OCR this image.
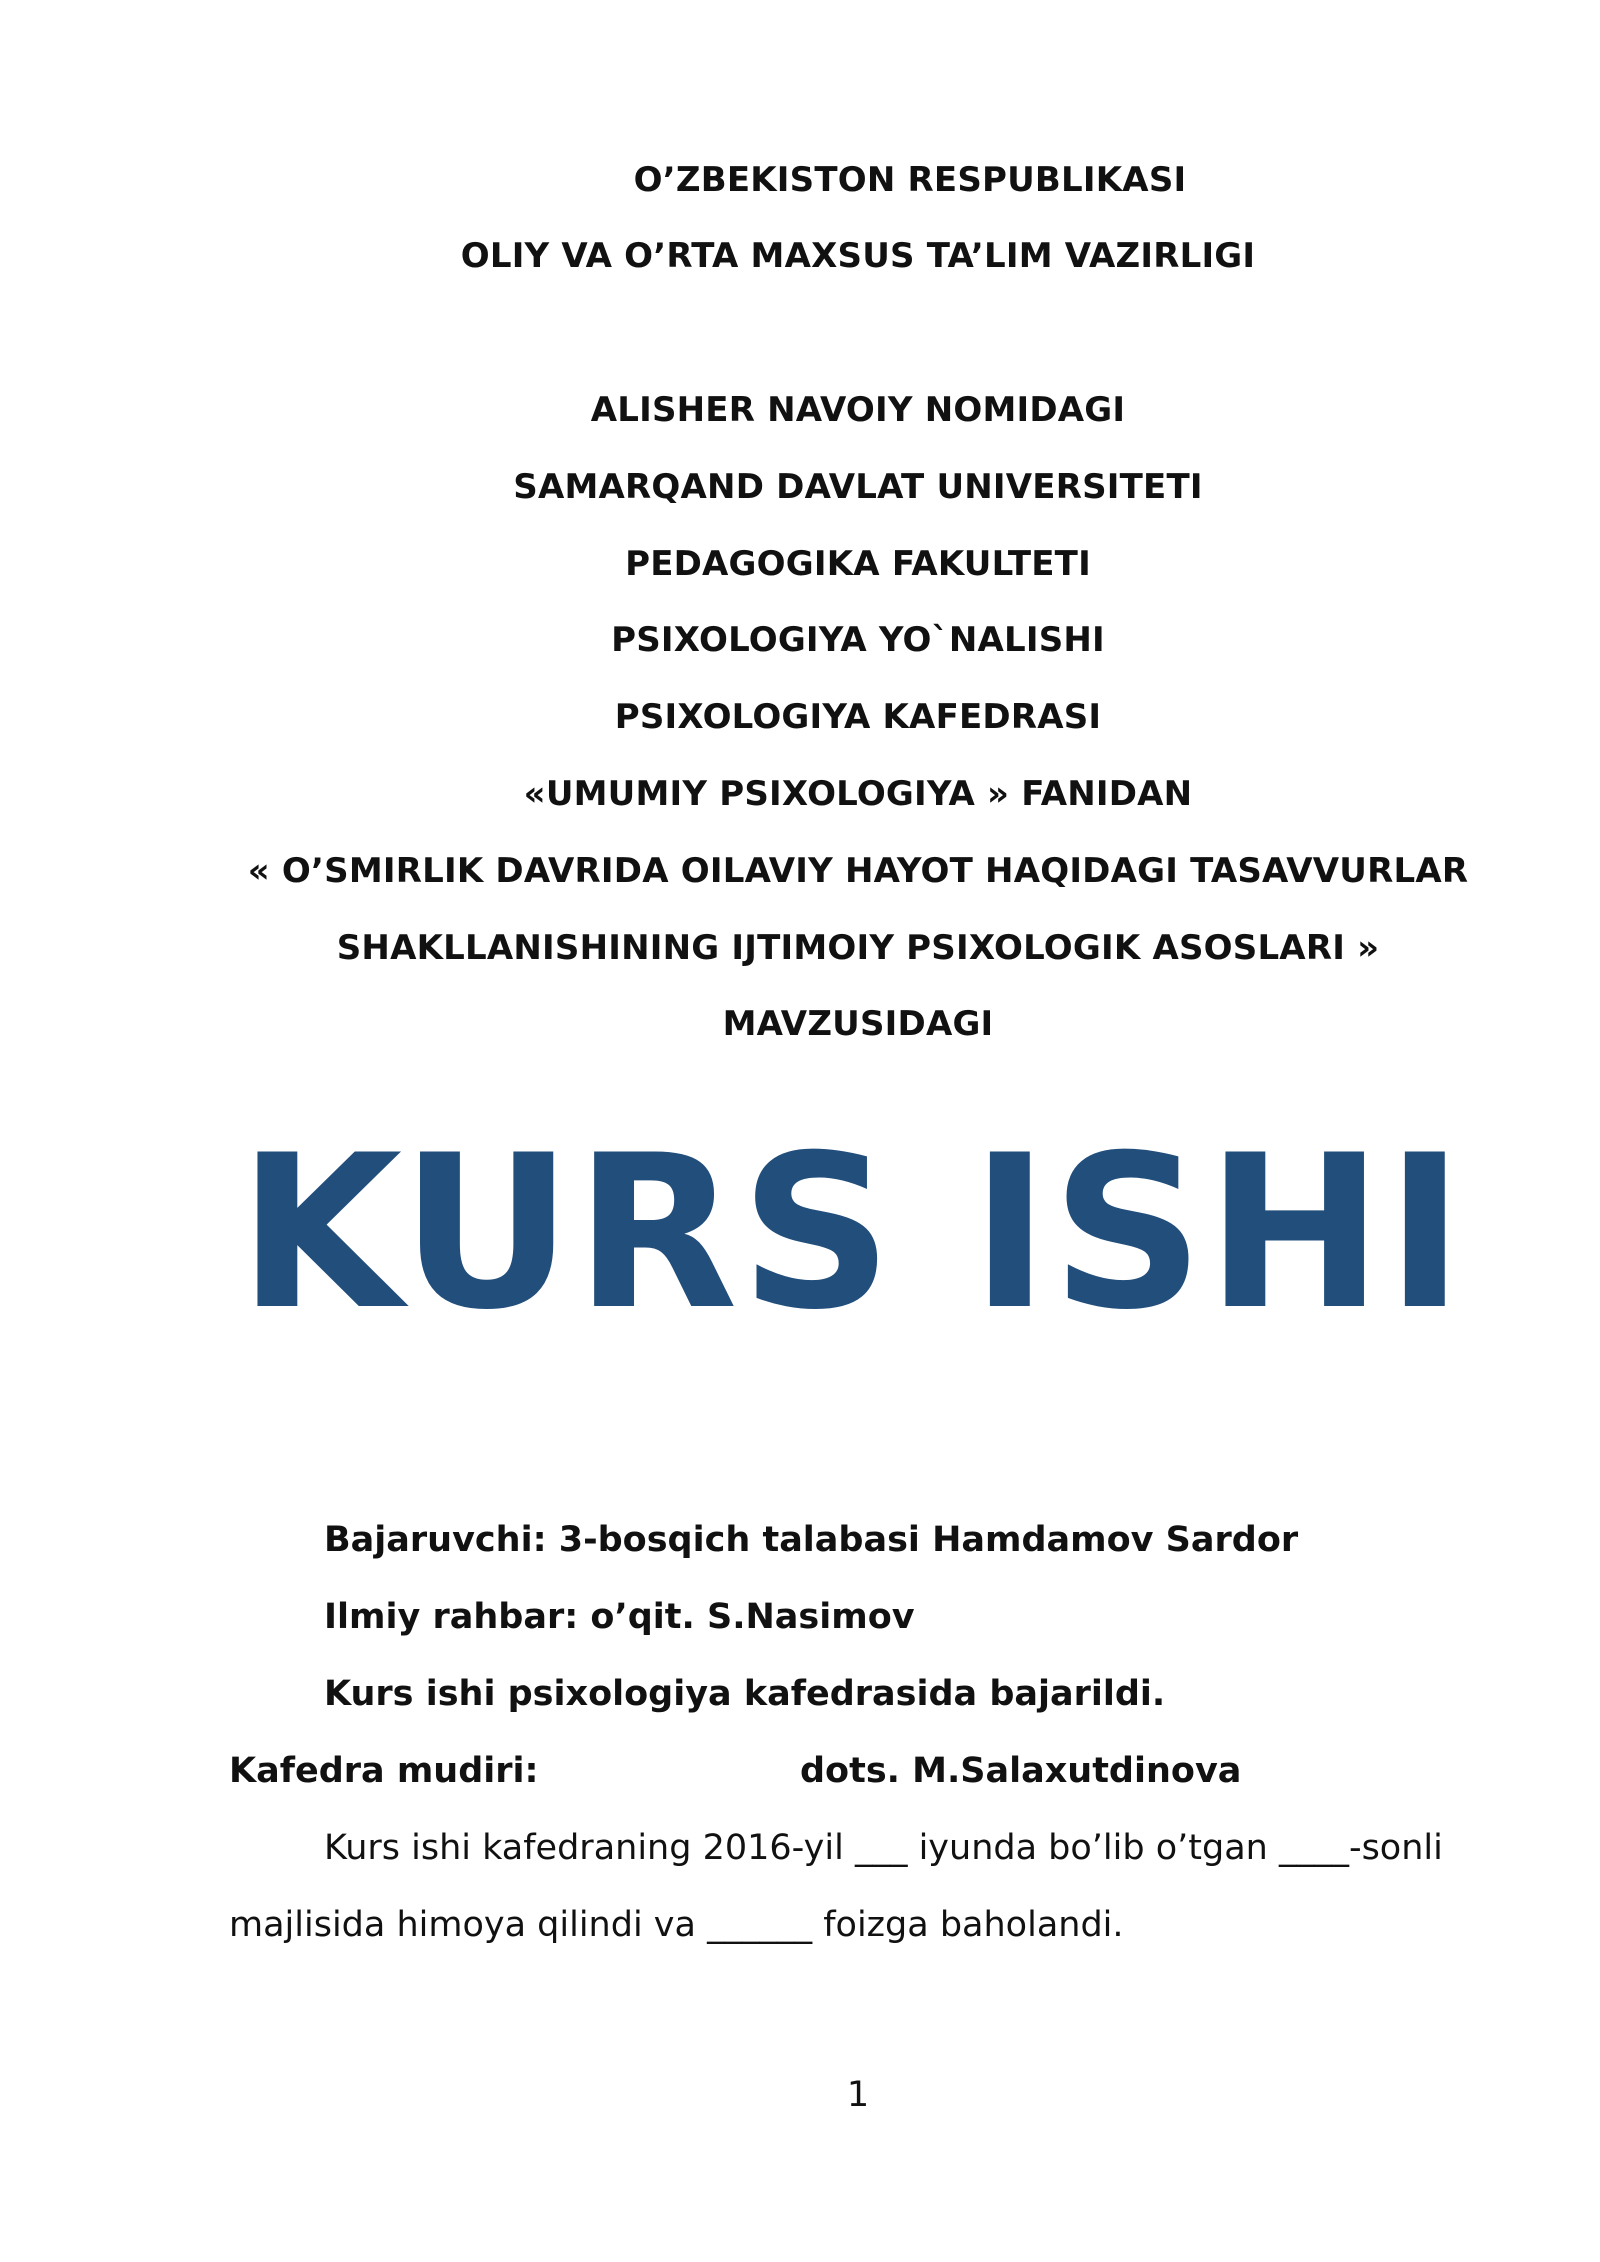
O’ZBEKISTON RESPUBLIKASI
OLIY VA O’RTA MAXSUS TA’LIM VAZIRLIGI
ALISHER NAVOIY NOMIDAGI
SAMARQAND DAVLAT UNIVERSITETI
PEDAGOGIKA FAKULTETI
PSIXOLOGIYA YO`NALISHI
PSIXOLOGIYA KAFEDRASI
«UMUMIY PSIXOLOGIYA » FANIDAN
« O’SMIRLIK DAVRIDA OILAVIY HAYOT HAQIDAGI TASAVVURLAR
SHAKLLANISHINING IJTIMOIY PSIXOLOGIK ASOSLARI »
MAVZUSIDAGI
KURS ISHI
Bajaruvchi: 3-bosqich talabasi Hamdamov Sardor
Ilmiy rahbar: o’qit. S.Nasimov
Kurs ishi psixologiya kafedrasida bajarildi.
Kafedra mudiri:	dots. M.Salaxutdinova
Kurs ishi kafedraning 2016-yil ___ iyunda bo’lib o’tgan ____-sonli
majlisida himoya qilindi va ______ foizga baholandi.
1
